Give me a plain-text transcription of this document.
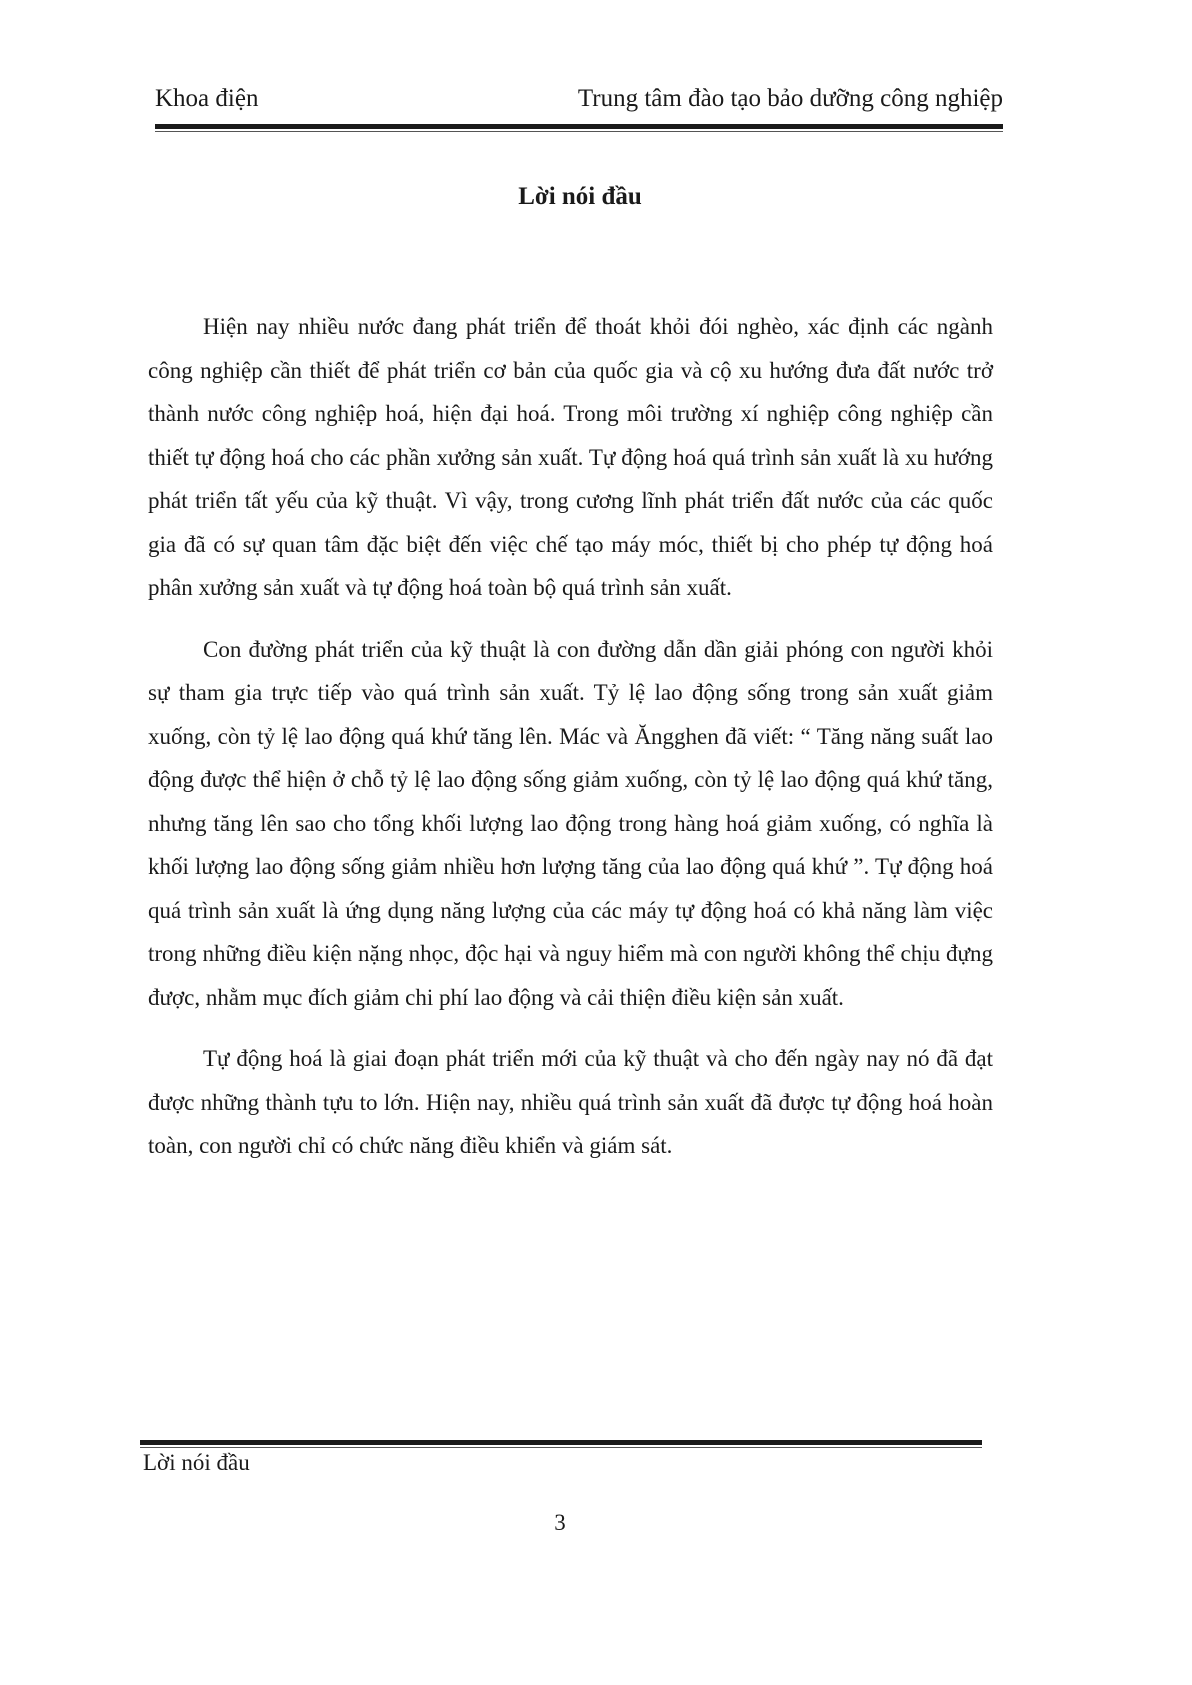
Khoa điện	Trung tâm đào tạo bảo dưỡng công nghiệp
Lời nói đầu

Hiện nay nhiều nước đang phát triển để thoát khỏi đói nghèo, xác định các ngành công nghiệp cần thiết để phát triển cơ bản của quốc gia và cộ xu hướng đưa đất nước trở thành nước công nghiệp hoá, hiện đại hoá. Trong môi trường xí nghiệp công nghiệp cần thiết tự động hoá cho các phần xưởng sản xuất. Tự động hoá quá trình sản xuất là xu hướng phát triển tất yếu của kỹ thuật. Vì vậy, trong cương lĩnh phát triển đất nước của các quốc gia đã có sự quan tâm đặc biệt đến việc chế tạo máy móc, thiết bị cho phép tự động hoá phân xưởng sản xuất và tự động hoá toàn bộ quá trình sản xuất.

Con đường phát triển của kỹ thuật là con đường dẫn dần giải phóng con người khỏi sự tham gia trực tiếp vào quá trình sản xuất. Tỷ lệ lao động sống trong sản xuất giảm xuống, còn tỷ lệ lao động quá khứ tăng lên. Mác và Ăngghen đã viết: “ Tăng năng suất lao động được thể hiện ở chỗ tỷ lệ lao động sống giảm xuống, còn tỷ lệ lao động quá khứ tăng, nhưng tăng lên sao cho tổng khối lượng lao động trong hàng hoá giảm xuống, có nghĩa là khối lượng lao động sống giảm nhiều hơn lượng tăng của lao động quá khứ ”. Tự động hoá quá trình sản xuất là ứng dụng năng lượng của các máy tự động hoá có khả năng làm việc trong những điều kiện nặng nhọc, độc hại và nguy hiểm mà con người không thể chịu đựng được, nhằm mục đích giảm chi phí lao động và cải thiện điều kiện sản xuất.

Tự động hoá là giai đoạn phát triển mới của kỹ thuật và cho đến ngày nay nó đã đạt được những thành tựu to lớn. Hiện nay, nhiều quá trình sản xuất đã được tự động hoá hoàn toàn, con người chỉ có chức năng điều khiển và giám sát.

Lời nói đầu
3
